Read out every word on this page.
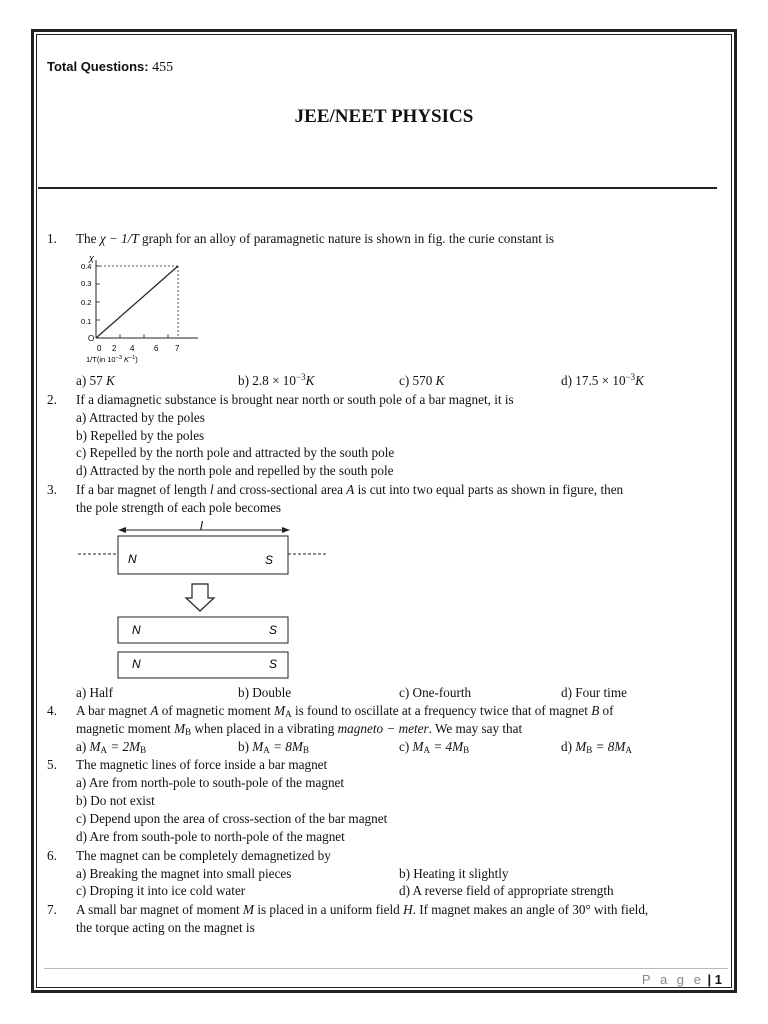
Total Questions: 455
JEE/NEET PHYSICS
1. The χ − 1/T graph for an alloy of paramagnetic nature is shown in fig. the curie constant is
χ
0.4
0.3
0.2
0.1
O
0 2 4 6 7
1/T(in $10^{-3}$ $K^{-1}$)
a) 57 K	b) $2.8 \times 10^{-3}K$	c) 570 K	d) $17.5 \times 10^{-3}K$
2. If a diamagnetic substance is brought near north or south pole of a bar magnet, it is
a) Attracted by the poles
b) Repelled by the poles
c) Repelled by the north pole and attracted by the south pole
d) Attracted by the north pole and repelled by the south pole
3. If a bar magnet of length l and cross-sectional area A is cut into two equal parts as shown in figure, then
the pole strength of each pole becomes
l
N	S
N	S
N	S
a) Half	b) Double	c) One-fourth	d) Four time
4. A bar magnet A of magnetic moment $M_A$ is found to oscillate at a frequency twice that of magnet B of
magnetic moment $M_B$ when placed in a vibrating magneto − meter. We may say that
a) $M_A = 2M_B$	b) $M_A = 8M_B$	c) $M_A = 4M_B$	d) $M_B = 8M_A$
5. The magnetic lines of force inside a bar magnet
a) Are from north-pole to south-pole of the magnet
b) Do not exist
c) Depend upon the area of cross-section of the bar magnet
d) Are from south-pole to north-pole of the magnet
6. The magnet can be completely demagnetized by
a) Breaking the magnet into small pieces	b) Heating it slightly
c) Droping it into ice cold water	d) A reverse field of appropriate strength
7. A small bar magnet of moment M is placed in a uniform field H. If magnet makes an angle of 30° with field,
the torque acting on the magnet is
P a g e | 1
